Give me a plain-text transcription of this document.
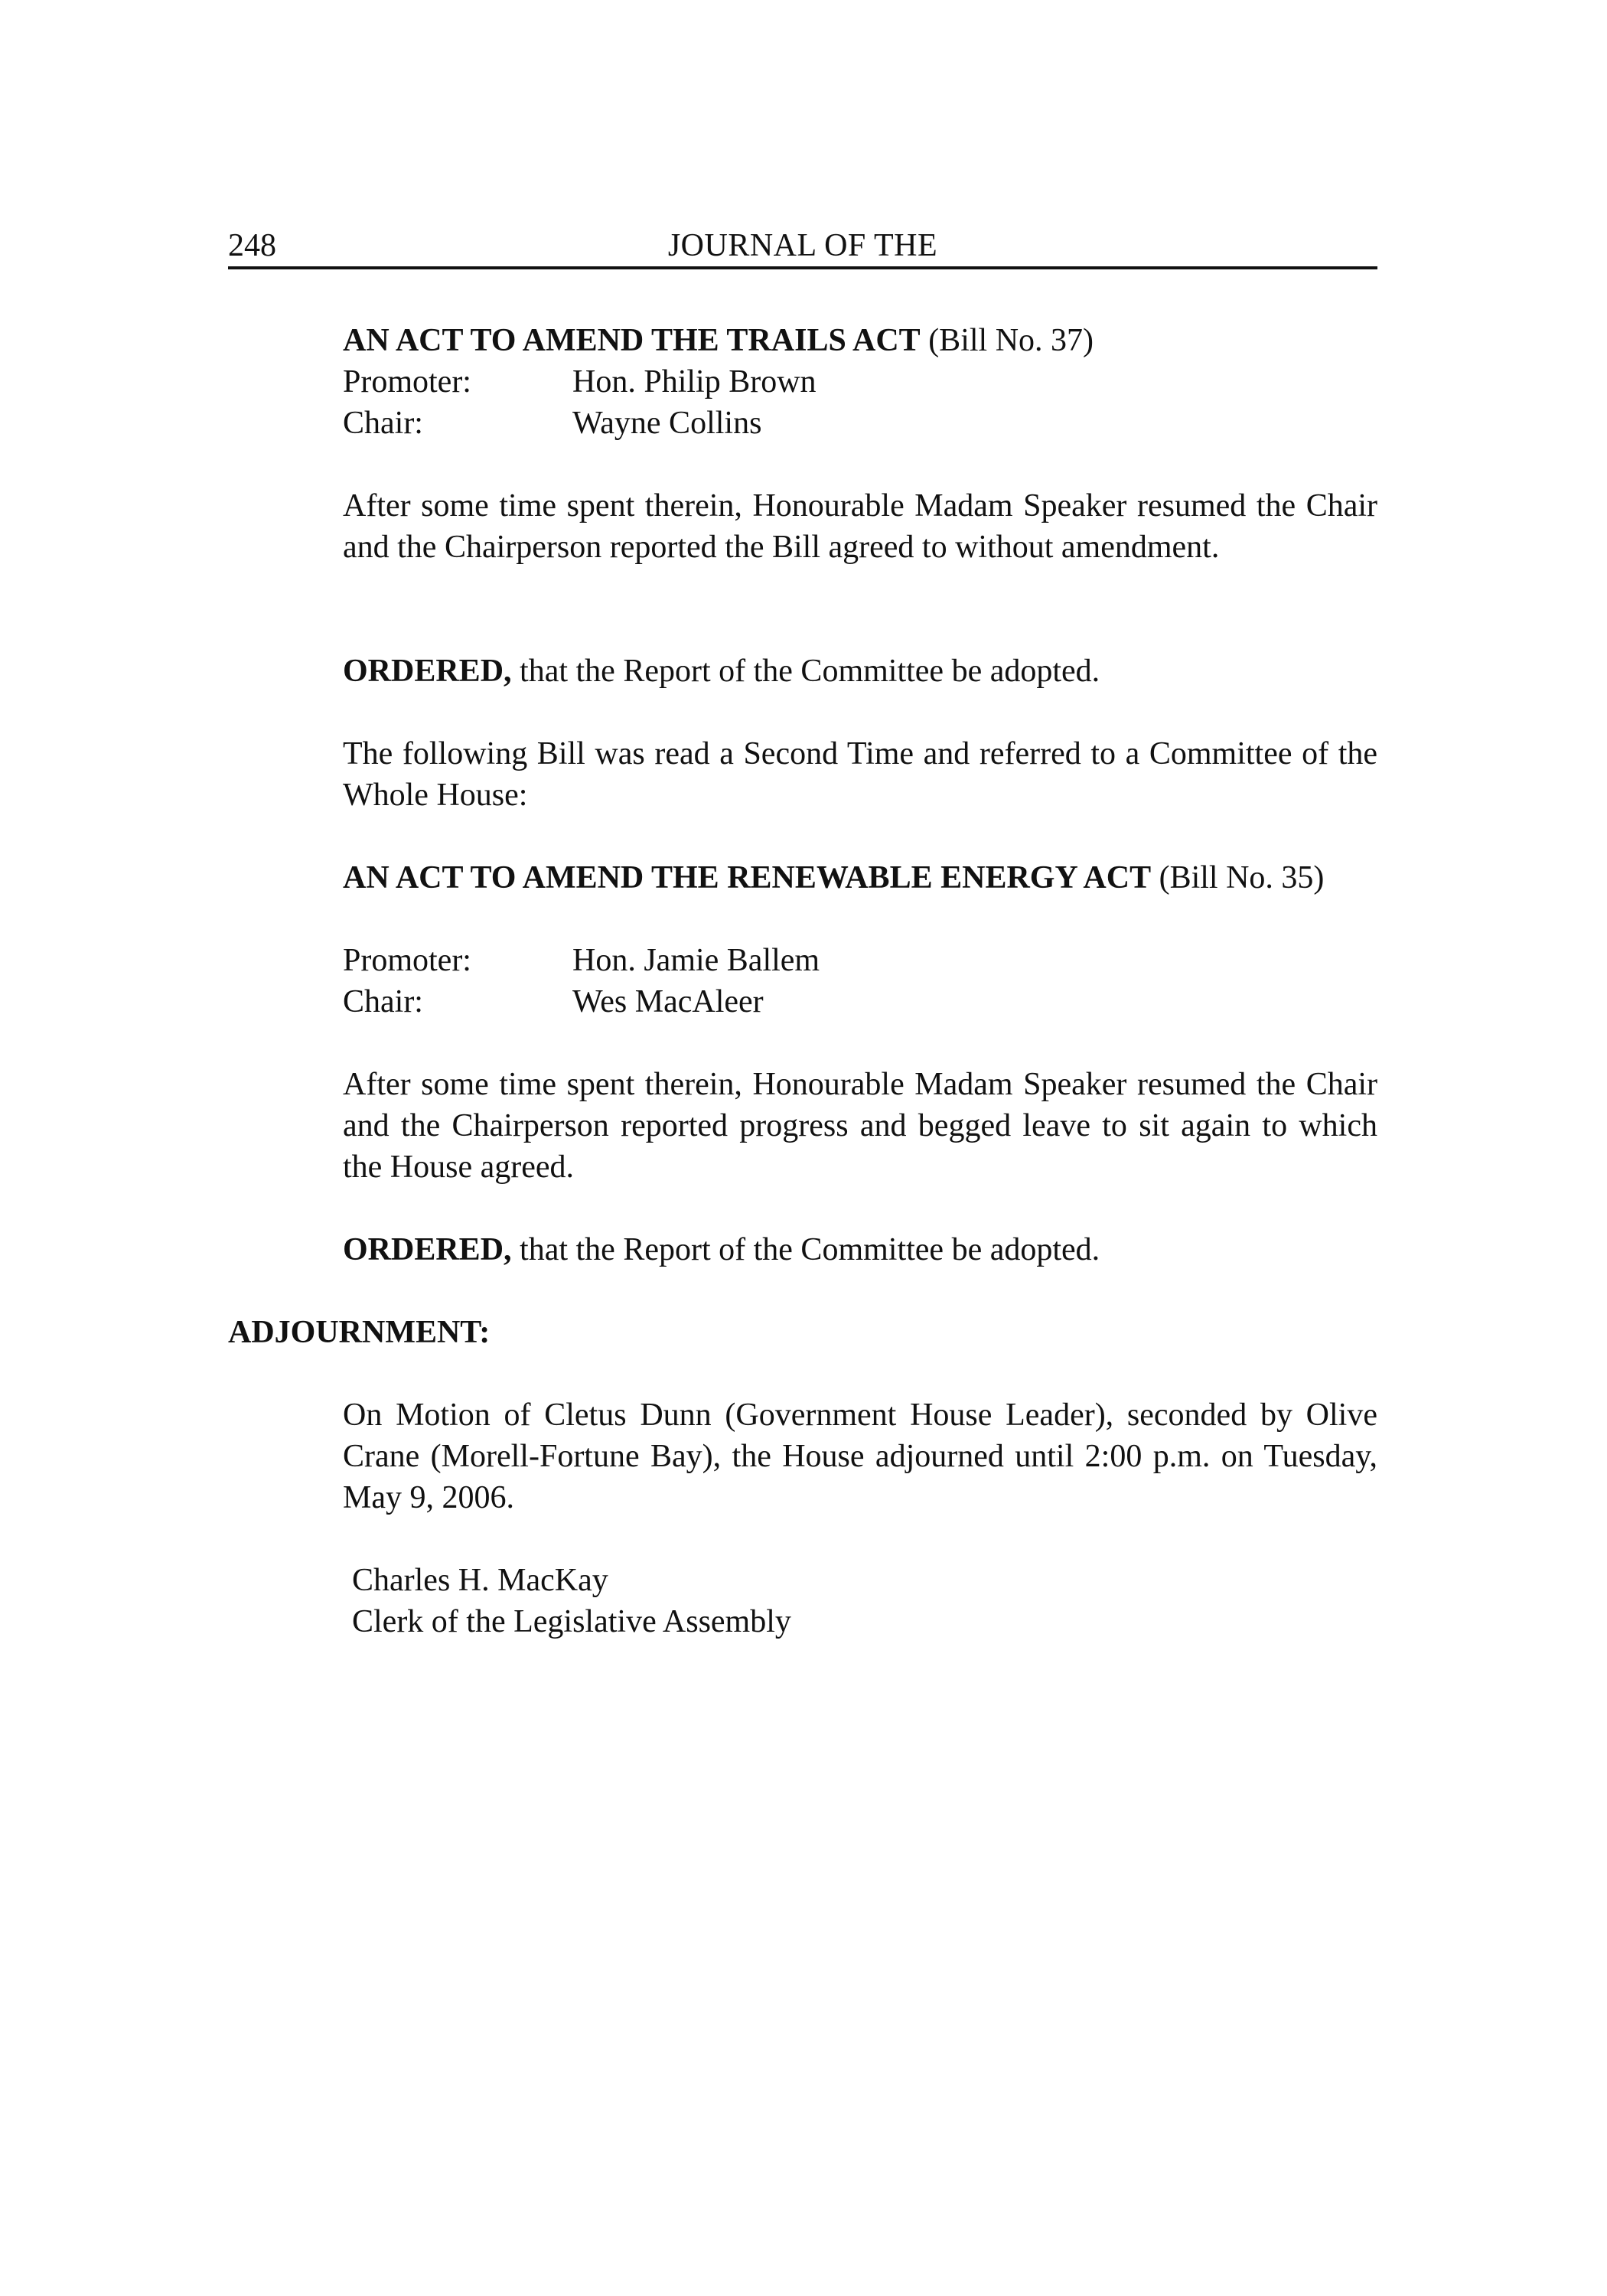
248	JOURNAL OF THE
AN ACT TO AMEND THE TRAILS ACT (Bill No. 37)
Promoter:	Hon. Philip Brown
Chair:	Wayne Collins

After some time spent therein, Honourable Madam Speaker resumed the Chair and the Chairperson reported the Bill agreed to without amendment.

ORDERED, that the Report of the Committee be adopted.

The following Bill was read a Second Time and referred to a Committee of the Whole House:

AN ACT TO AMEND THE RENEWABLE ENERGY ACT (Bill No. 35)
Promoter:	Hon. Jamie Ballem
Chair:	Wes MacAleer

After some time spent therein, Honourable Madam Speaker resumed the Chair and the Chairperson reported progress and begged leave to sit again to which the House agreed.

ORDERED, that the Report of the Committee be adopted.
ADJOURNMENT:

On Motion of Cletus Dunn (Government House Leader), seconded by Olive Crane (Morell-Fortune Bay), the House adjourned until 2:00 p.m. on Tuesday, May 9, 2006.

Charles H. MacKay
Clerk of the Legislative Assembly
